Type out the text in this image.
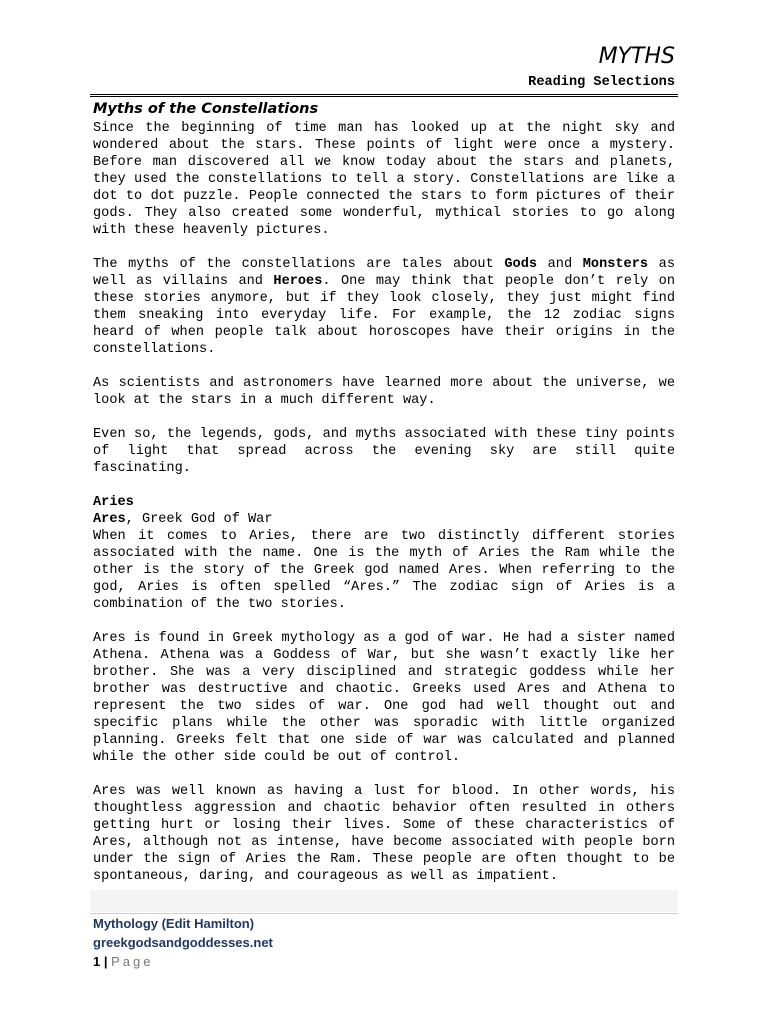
MYTHS
Reading Selections
Myths of the Constellations

Since the beginning of time man has looked up at the night sky and wondered about the stars. These points of light were once a mystery. Before man discovered all we know today about the stars and planets, they used the constellations to tell a story. Constellations are like a dot to dot puzzle. People connected the stars to form pictures of their gods. They also created some wonderful, mythical stories to go along with these heavenly pictures.

The myths of the constellations are tales about Gods and Monsters as well as villains and Heroes. One may think that people don’t rely on these stories anymore, but if they look closely, they just might find them sneaking into everyday life. For example, the 12 zodiac signs heard of when people talk about horoscopes have their origins in the constellations.

As scientists and astronomers have learned more about the universe, we look at the stars in a much different way.

Even so, the legends, gods, and myths associated with these tiny points of light that spread across the evening sky are still quite fascinating.

Aries
Ares, Greek God of War

When it comes to Aries, there are two distinctly different stories associated with the name. One is the myth of Aries the Ram while the other is the story of the Greek god named Ares. When referring to the god, Aries is often spelled “Ares.” The zodiac sign of Aries is a combination of the two stories.

Ares is found in Greek mythology as a god of war. He had a sister named Athena. Athena was a Goddess of War, but she wasn’t exactly like her brother. She was a very disciplined and strategic goddess while her brother was destructive and chaotic. Greeks used Ares and Athena to represent the two sides of war. One god had well thought out and specific plans while the other was sporadic with little organized planning. Greeks felt that one side of war was calculated and planned while the other side could be out of control.

Ares was well known as having a lust for blood. In other words, his thoughtless aggression and chaotic behavior often resulted in others getting hurt or losing their lives. Some of these characteristics of Ares, although not as intense, have become associated with people born under the sign of Aries the Ram. These people are often thought to be spontaneous, daring, and courageous as well as impatient.

Mythology (Edit Hamilton)
greekgodsandgoddesses.net
1 | Page
